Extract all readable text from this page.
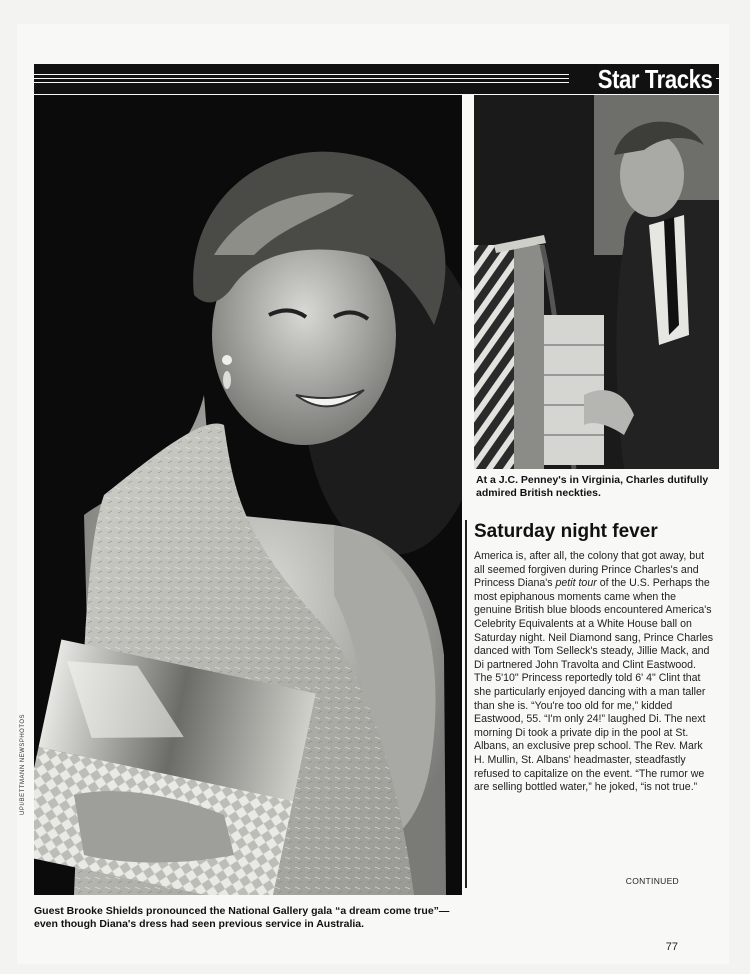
Star Tracks
UPI/BETTMANN NEWSPHOTOS
At a J.C. Penney's in Virginia, Charles dutifully admired British neckties.
Guest Brooke Shields pronounced the National Gallery gala “a dream come true”—even though Diana's dress had seen previous service in Australia.
Saturday night fever
America is, after all, the colony that got away, but all seemed forgiven during Prince Charles's and Princess Diana's petit tour of the U.S. Perhaps the most epiphanous moments came when the genuine British blue bloods encountered America's Celebrity Equivalents at a White House ball on Saturday night. Neil Diamond sang, Prince Charles danced with Tom Selleck's steady, Jillie Mack, and Di partnered John Travolta and Clint Eastwood. The 5'10" Princess reportedly told 6' 4" Clint that she particularly enjoyed dancing with a man taller than she is. “You're too old for me,” kidded Eastwood, 55. “I'm only 24!” laughed Di. The next morning Di took a private dip in the pool at St. Albans, an exclusive prep school. The Rev. Mark H. Mullin, St. Albans' headmaster, steadfastly refused to capitalize on the event. “The rumor we are selling bottled water,” he joked, “is not true.”
CONTINUED
77
